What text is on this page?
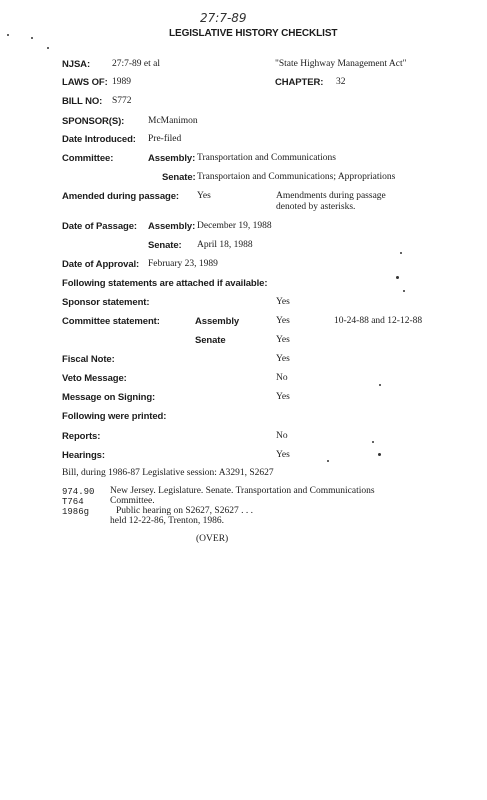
27:7-89
LEGISLATIVE HISTORY CHECKLIST
NJSA: 27:7-89 et al	"State Highway Management Act"
LAWS OF: 1989	CHAPTER: 32
BILL NO: S772
SPONSOR(S):	McManimon
Date Introduced: Pre-filed
Committee:	Assembly: Transportation and Communications
Senate: Transportaion and Communications; Appropriations
Amended during passage: Yes	Amendments during passage
denoted by asterisks.
Date of Passage: Assembly: December 19, 1988
Senate: April 18, 1988
Date of Approval: February 23, 1989
Following statements are attached if available:
Sponsor statement:	Yes
Committee statement:	Assembly	Yes	10-24-88 and 12-12-88
Senate	Yes
Fiscal Note:	Yes
Veto Message:	No
Message on Signing:	Yes
Following were printed:
Reports:	No
Hearings:	Yes
Bill, during 1986-87 Legislative session: A3291, S2627
974.90
T764
1986g
New Jersey. Legislature. Senate. Transportation and Communications
Committee.
Public hearing on S2627, S2627 . . .
held 12-22-86, Trenton, 1986.
(OVER)
